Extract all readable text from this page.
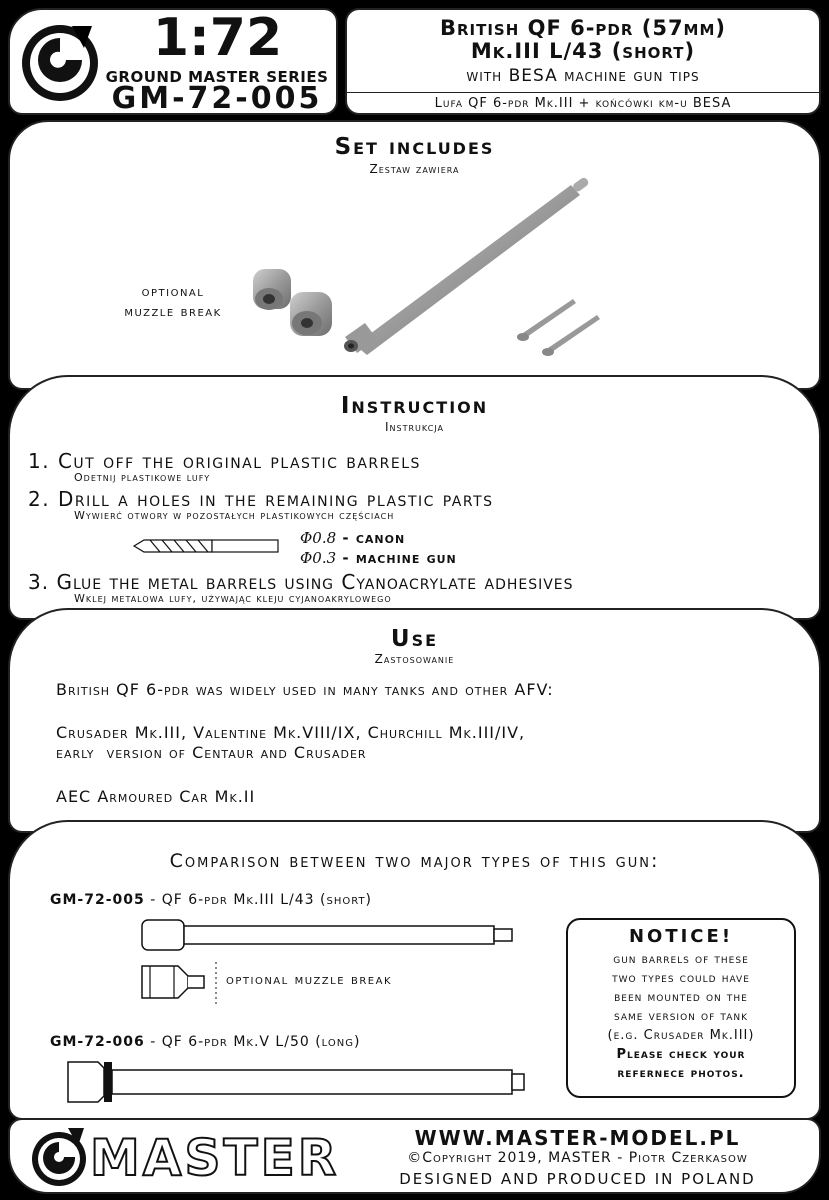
1:72
GROUND MASTER SERIES
GM-72-005
British QF 6-pdr (57mm)
Mk.III L/43 (short)
with BESA machine gun tips
Lufa QF 6-pdr Mk.III + końcówki km-u BESA
Set includes
Zestaw zawiera
optional
muzzle break
Instruction
Instrukcja
1. Cut off the original plastic barrels
Odetnij plastikowe lufy
2. Drill a holes in the remaining plastic parts
Wywierć otwory w pozostałych plastikowych częściach
Φ0.8 - canon
Φ0.3 - machine gun
3. Glue the metal barrels using Cyanoacrylate adhesives
Wklej metalowa lufy, używając kleju cyjanoakrylowego
Use
Zastosowanie
British QF 6-pdr was widely used in many tanks and other AFV:
Crusader Mk.III, Valentine Mk.VIII/IX, Churchill Mk.III/IV,
early  version of Centaur and Crusader
AEC Armoured Car Mk.II
Comparison between two major types of this gun:
GM-72-005 - QF 6-pdr Mk.III L/43 (short)
optional muzzle break
GM-72-006 - QF 6-pdr Mk.V L/50 (long)
NOTICE!
gun barrels of these
two types could have
been mounted on the
same version of tank
(e.g. Crusader Mk.III)
Please check your
refernece photos.
MASTER	WWW.MASTER-MODEL.PL
©Copyright 2019, MASTER - Piotr Czerkasow
DESIGNED AND PRODUCED IN POLAND
